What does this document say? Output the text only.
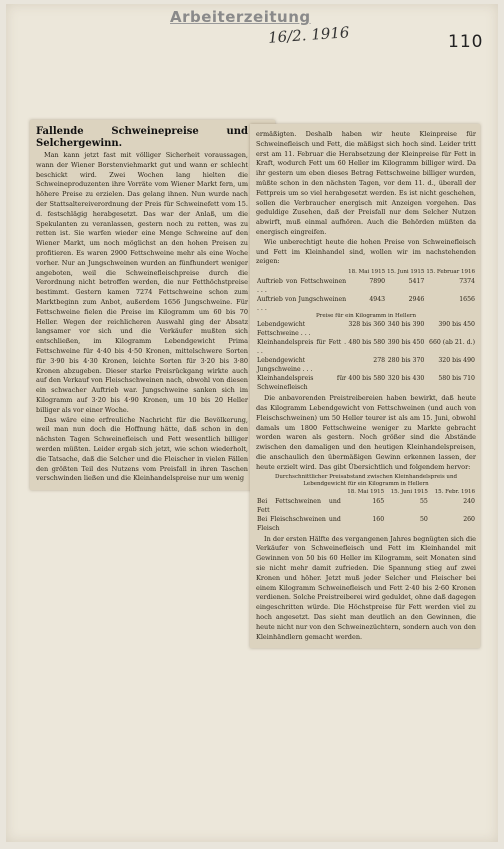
Arbeiterzeitung
16/2. 1916	110
Fallende Schweinepreise und Selchergewinn.

Man kann jetzt fast mit völliger Sicherheit voraussagen, wann der Wiener Borstenviehmarkt gut und wann er schlecht beschickt wird. Zwei Wochen lang hielten die Schweineproduzenten ihre Vorräte vom Wiener Markt fern, um höhere Preise zu erzielen. Das gelang ihnen. Nun wurde nach der Stattsaltereiverordnung der Preis für Schweinefett vom 15. d. festschlägig herabgesetzt. Das war der Anlaß, um die Spekulanten zu veranlassen, gestern noch zu retten, was zu retten ist. Sie warfen wieder eine Menge Schweine auf den Wiener Markt, um noch möglichst an den hohen Preisen zu profitieren. Es waren 2900 Fettschweine mehr als eine Woche vorher. Nur an Jungschweinen wurden an fünfhundert weniger angeboten, weil die Schweinefleischpreise durch die Verordnung nicht betroffen werden, die nur Fetthöchstpreise bestimmt. Gestern kamen 7274 Fettschweine schon zum Marktbeginn zum Anbot, außerdem 1656 Jungschweine. Für Fettschweine fielen die Preise im Kilogramm um 60 bis 70 Heller. Wegen der reichlicheren Auswahl ging der Absatz langsamer vor sich und die Verkäufer mußten sich entschließen, im Kilogramm Lebendgewicht Prima Fettschweine für 4·40 bis 4·50 Kronen, mittelschwere Sorten für 3·90 bis 4·30 Kronen, leichte Sorten für 3·20 bis 3·80 Kronen abzugeben. Dieser starke Preisrückgang wirkte auch auf den Verkauf von Fleischschweinen nach, obwohl von diesen ein schwacher Auftrieb war. Jungschweine sanken sich im Kilogramm auf 3·20 bis 4·90 Kronen, um 10 bis 20 Heller billiger als vor einer Woche.

Das wäre eine erfreuliche Nachricht für die Bevölkerung, weil man nun doch die Hoffnung hätte, daß schon in den nächsten Tagen Schweinefleisch und Fett wesentlich billiger werden müßten. Leider ergab sich jetzt, wie schon wiederholt, die Tatsache, daß die Selcher und die Fleischer in vielen Fällen den größten Teil des Nutzens vom Preisfall in ihren Taschen verschwinden ließen und die Kleinhandelspreise nur um wenig

ermäßigten. Deshalb haben wir heute Kleinpreise für Schweinefleisch und Fett, die mäßigst sich hoch sind. Leider tritt erst am 11. Februar die Herabsetzung der Kleinpreise für Fett in Kraft, wodurch Fett um 60 Heller im Kilogramm billiger wird. Da ihr gestern um eben dieses Betrag Fettschweine billiger wurden, müßte schon in den nächsten Tagen, vor dem 11. d., überall der Fettpreis um so viel herabgesetzt werden. Es ist nicht geschehen, sollen die Verbraucher energisch mit Anzeigen vorgehen. Das geduldige Zusehen, daß der Preisfall nur dem Selcher Nutzen abwirft, muß einmal aufhören. Auch die Behörden müßten da energisch eingreifen.

Wie unberechtigt heute die hohen Preise von Schweinefleisch und Fett im Kleinhandel sind, wollen wir im nachstehenden zeigen:

	18. Mai 1915	15. Juni 1915	15. Februar 1916
Auftrieb von Fettschweinen . . .	7890	5417	7374
Auftrieb von Jungschweinen . . .	4943	2946	1656
Preise für ein Kilogramm in Hellern			
Lebendgewicht Fettschweine . . .	328 bis 360	340 bis 390	390 bis 450
Kleinhandelspreis für Fett . . .	480 bis 580	390 bis 450	660 (ab 21. d.)
Lebendgewicht Jungschweine . . .	278	280 bis 370	320 bis 490
Kleinhandelspreis für Schweinefleisch	400 bis 580	320 bis 430	580 bis 710

Die anbavorenden Preistreibereien haben bewirkt, daß heute das Kilogramm Lebendgewicht von Fettschweinen (und auch von Fleischschweinen) um 50 Heller teurer ist als am 15. Juni, obwohl damals um 1800 Fettschweine weniger zu Markte gebracht worden waren als gestern. Noch größer sind die Abstände zwischen den damaligen und den heutigen Kleinhandelspreisen, die anschaulich den übermäßigen Gewinn erkennen lassen, der heute erzielt wird. Das gibt Übersichtlich und folgendem hervor:

Durchschnittlicher Preisabstand zwischen Kleinhandelspreis und Lebendgewicht für ein Kilogramm in Hellern			
	18. Mai 1915	15. Juni 1915	15. Febr. 1916
Bei Fettschweinen und Fett	165	55	240
Bei Fleischschweinen und Fleisch	160	50	260

In der ersten Hälfte des vergangenen Jahres begnügten sich die Verkäufer von Schweinefleisch und Fett im Kleinhandel mit Gewinnen von 50 bis 60 Heller im Kilogramm, seit Monaten sind sie nicht mehr damit zufrieden. Die Spannung stieg auf zwei Kronen und höher. Jetzt muß jeder Selcher und Fleischer bei einem Kilogramm Schweinefleisch und Fett 2·40 bis 2·60 Kronen verdienen. Solche Preistreiberei wird geduldet, ohne daß dagegen eingeschritten würde. Die Höchstpreise für Fett werden viel zu hoch angesetzt. Das sieht man deutlich an den Gewinnen, die heute nicht nur von den Schweinezüchtern, sondern auch von den Kleinhändlern gemacht werden.
